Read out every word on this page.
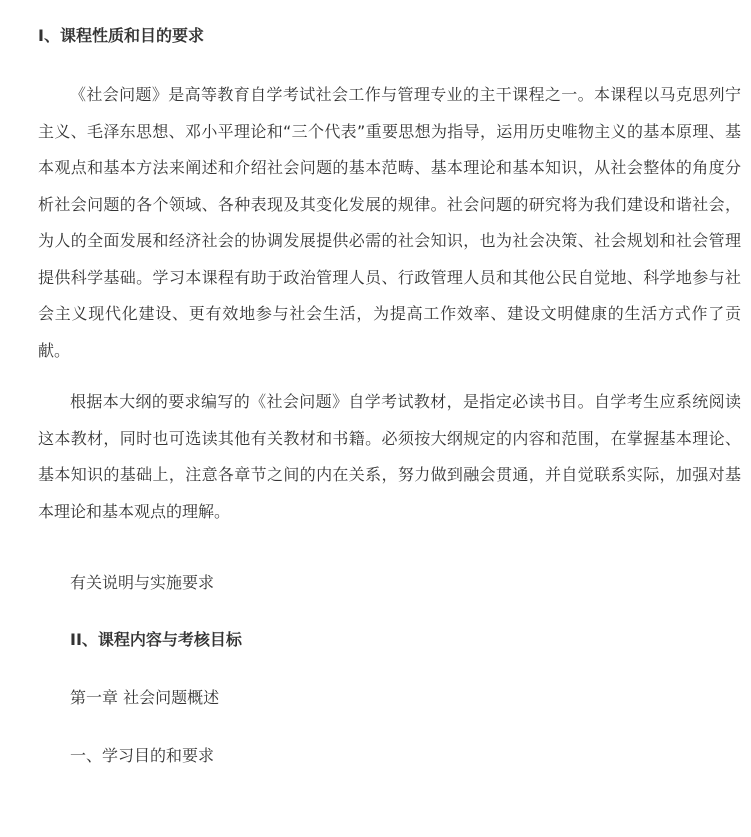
I、课程性质和目的要求
《社会问题》是高等教育自学考试社会工作与管理专业的主干课程之一。本课程以马克思列宁主义、毛泽东思想、邓小平理论和“三个代表”重要思想为指导，运用历史唯物主义的基本原理、基本观点和基本方法来阐述和介绍社会问题的基本范畴、基本理论和基本知识，从社会整体的角度分析社会问题的各个领域、各种表现及其变化发展的规律。社会问题的研究将为我们建设和谐社会，为人的全面发展和经济社会的协调发展提供必需的社会知识，也为社会决策、社会规划和社会管理提供科学基础。学习本课程有助于政治管理人员、行政管理人员和其他公民自觉地、科学地参与社会主义现代化建设、更有效地参与社会生活，为提高工作效率、建设文明健康的生活方式作了贡献。
根据本大纲的要求编写的《社会问题》自学考试教材，是指定必读书目。自学考生应系统阅读这本教材，同时也可选读其他有关教材和书籍。必须按大纲规定的内容和范围，在掌握基本理论、基本知识的基础上，注意各章节之间的内在关系，努力做到融会贯通，并自觉联系实际，加强对基本理论和基本观点的理解。
有关说明与实施要求
II、课程内容与考核目标
第一章 社会问题概述
一、学习目的和要求
